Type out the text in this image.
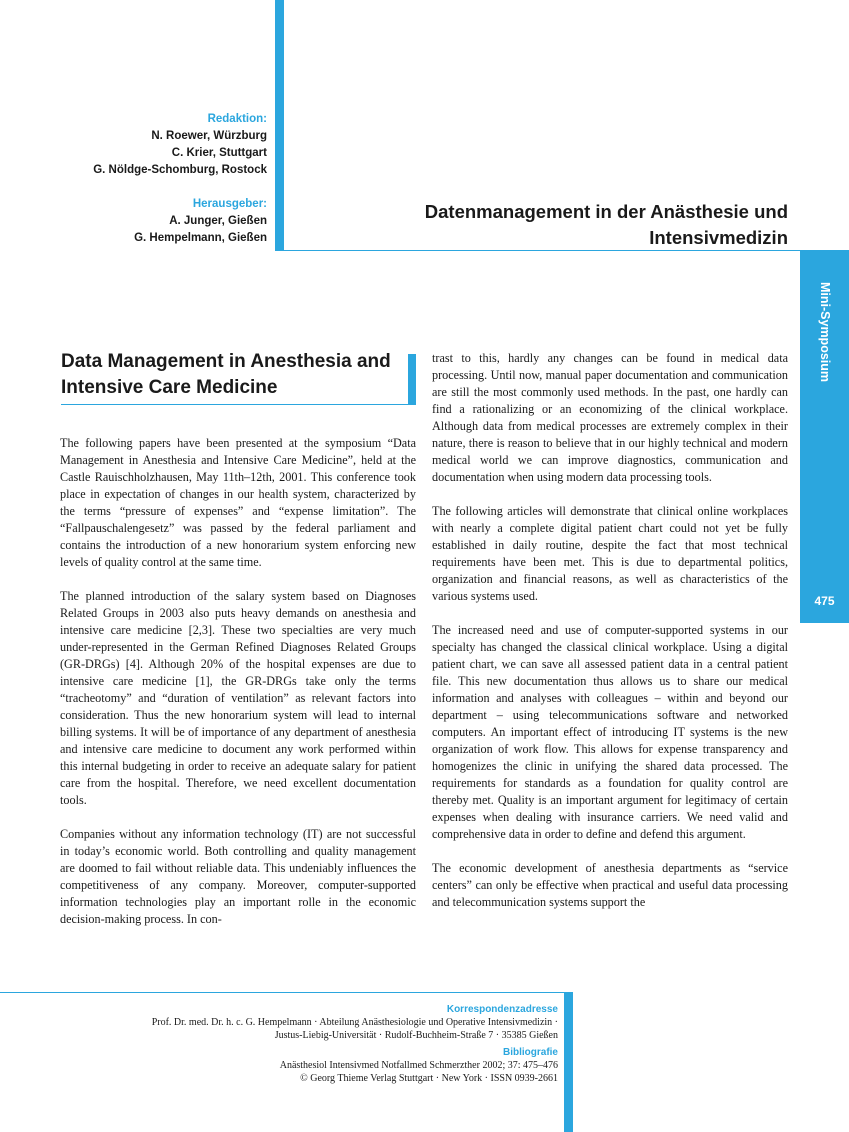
Redaktion:
N. Roewer, Würzburg
C. Krier, Stuttgart
G. Nöldge-Schomburg, Rostock
Herausgeber:
A. Junger, Gießen
G. Hempelmann, Gießen
Datenmanagement in der Anästhesie und
Intensivmedizin
Mini-Symposium
475
Data Management in Anesthesia and Intensive Care Medicine

The following papers have been presented at the symposium “Data Management in Anesthesia and Intensive Care Medicine”, held at the Castle Rauischholzhausen, May 11th–12th, 2001. This conference took place in expectation of changes in our health system, characterized by the terms “pressure of expenses” and “expense limitation”. The “Fallpauschalengesetz” was passed by the federal parliament and contains the introduction of a new honorarium system enforcing new levels of quality control at the same time.

The planned introduction of the salary system based on Diagnoses Related Groups in 2003 also puts heavy demands on anesthesia and intensive care medicine [2,3]. These two specialties are very much under-represented in the German Refined Diagnoses Related Groups (GR-DRGs) [4]. Although 20% of the hospital expenses are due to intensive care medicine [1], the GR-DRGs take only the terms “tracheotomy” and “duration of ventilation” as relevant factors into consideration. Thus the new honorarium system will lead to internal billing systems. It will be of importance of any department of anesthesia and intensive care medicine to document any work performed within this internal budgeting in order to receive an adequate salary for patient care from the hospital. Therefore, we need excellent documentation tools.

Companies without any information technology (IT) are not successful in today’s economic world. Both controlling and quality management are doomed to fail without reliable data. This undeniably influences the competitiveness of any company. Moreover, computer-supported information technologies play an important rolle in the economic decision-making process. In con-

trast to this, hardly any changes can be found in medical data processing. Until now, manual paper documentation and communication are still the most commonly used methods. In the past, one hardly can find a rationalizing or an economizing of the clinical workplace. Although data from medical processes are extremely complex in their nature, there is reason to believe that in our highly technical and modern medical world we can improve diagnostics, communication and documentation when using modern data processing tools.

The following articles will demonstrate that clinical online workplaces with nearly a complete digital patient chart could not yet be fully established in daily routine, despite the fact that most technical requirements have been met. This is due to departmental politics, organization and financial reasons, as well as characteristics of the various systems used.

The increased need and use of computer-supported systems in our specialty has changed the classical clinical workplace. Using a digital patient chart, we can save all assessed patient data in a central patient file. This new documentation thus allows us to share our medical information and analyses with colleagues – within and beyond our department – using telecommunications software and networked computers. An important effect of introducing IT systems is the new organization of work flow. This allows for expense transparency and homogenizes the clinic in unifying the shared data processed. The requirements for standards as a foundation for quality control are thereby met. Quality is an important argument for legitimacy of certain expenses when dealing with insurance carriers. We need valid and comprehensive data in order to define and defend this argument.

The economic development of anesthesia departments as “service centers” can only be effective when practical and useful data processing and telecommunication systems support the

Korrespondenzadresse
Prof. Dr. med. Dr. h. c. G. Hempelmann · Abteilung Anästhesiologie und Operative Intensivmedizin ·
Justus-Liebig-Universität · Rudolf-Buchheim-Straße 7 · 35385 Gießen
Bibliografie
Anästhesiol Intensivmed Notfallmed Schmerzther 2002; 37: 475–476
© Georg Thieme Verlag Stuttgart · New York · ISSN 0939-2661
